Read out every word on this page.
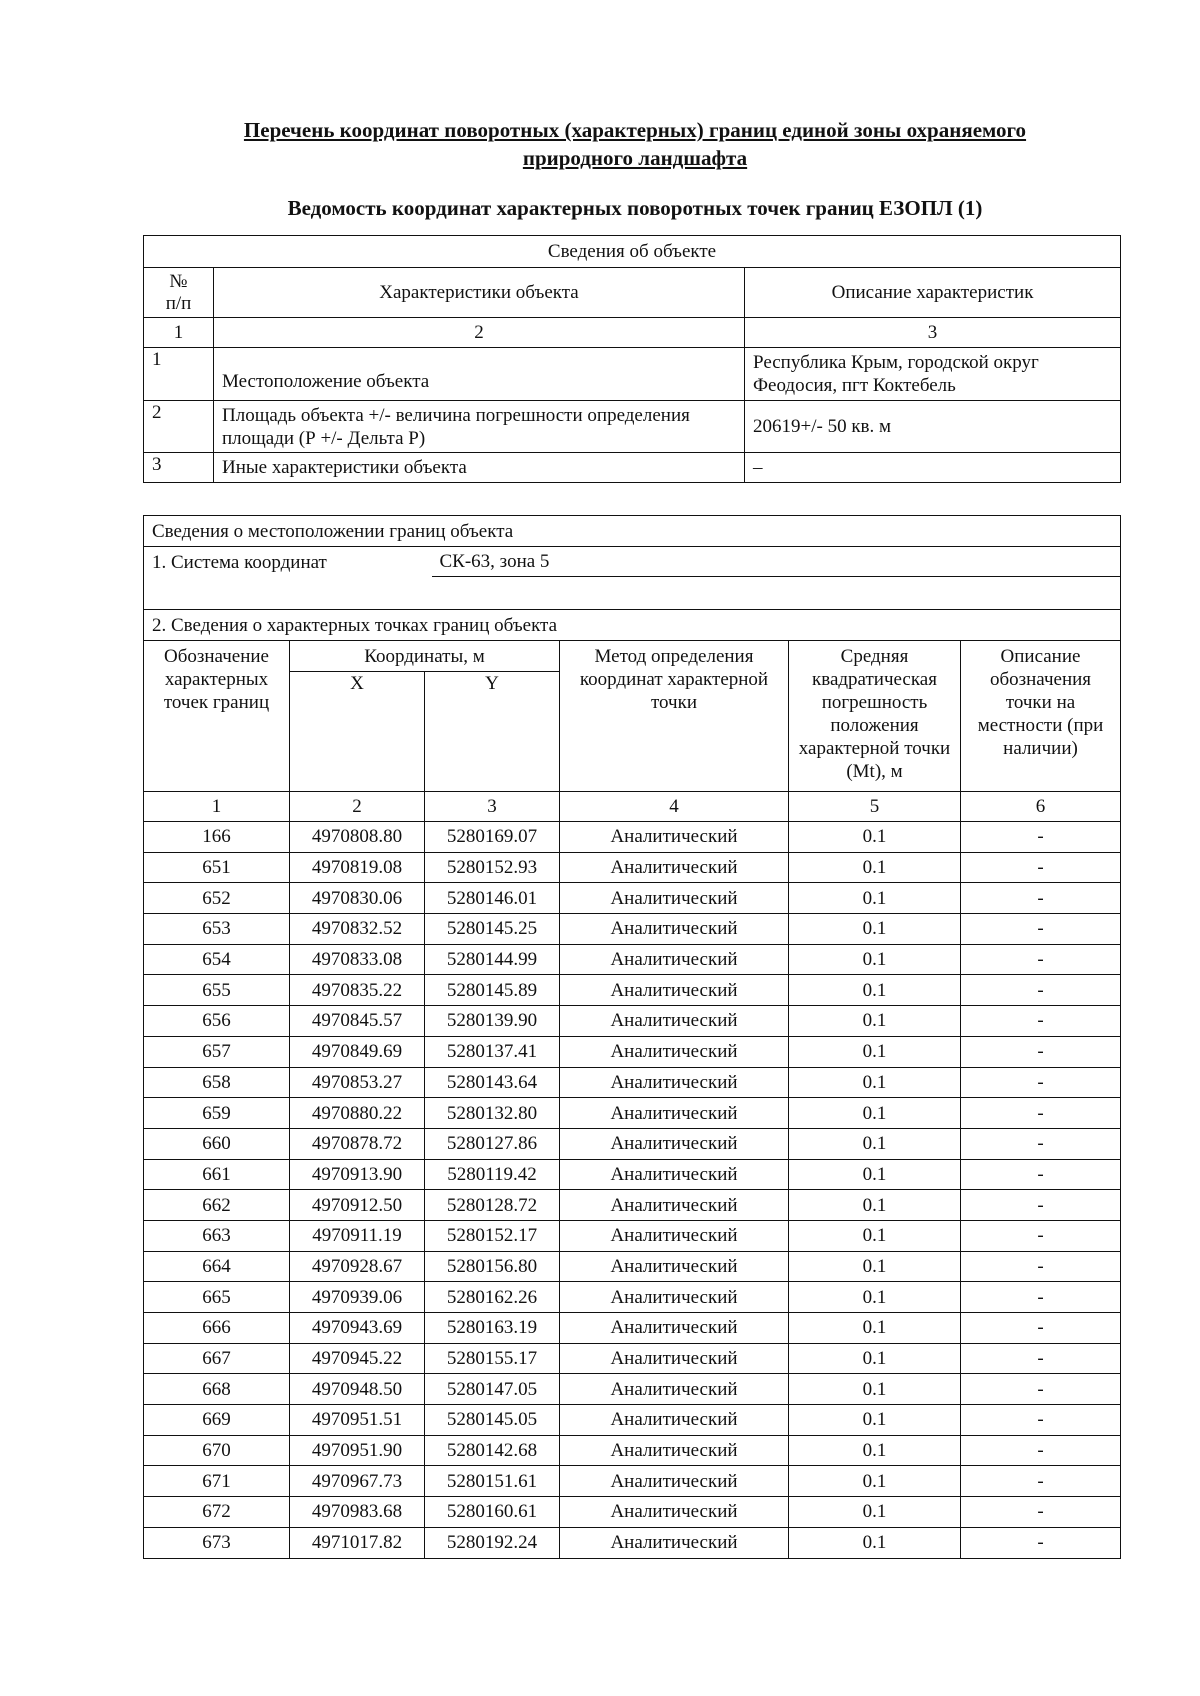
Перечень координат поворотных (характерных) границ единой зоны охраняемого
природного ландшафта
Ведомость координат характерных поворотных точек границ ЕЗОПЛ (1)
Сведения об объекте		
№
п/п	Характеристики объекта	Описание характеристик
1	2	3
1	Местоположение объекта	Республика Крым, городской округ Феодосия, пгт Коктебель
2	Площадь объекта +/- величина погрешности определения площади (Р +/- Дельта Р)	20619+/- 50 кв. м
3	Иные характеристики объекта	–
Сведения о местоположении границ объекта					
1. Система координат			СК-63, зона 5		

2. Сведения о характерных точках границ объекта					
Обозначение характерных точек границ	Координаты, м		Метод определения координат характерной точки	Средняя квадратическая погрешность положения характерной точки (Mt), м	Описание обозначения точки на местности (при наличии)
	X	Y			
1	2	3	4	5	6
166	4970808.80	5280169.07	Аналитический	0.1	-
651	4970819.08	5280152.93	Аналитический	0.1	-
652	4970830.06	5280146.01	Аналитический	0.1	-
653	4970832.52	5280145.25	Аналитический	0.1	-
654	4970833.08	5280144.99	Аналитический	0.1	-
655	4970835.22	5280145.89	Аналитический	0.1	-
656	4970845.57	5280139.90	Аналитический	0.1	-
657	4970849.69	5280137.41	Аналитический	0.1	-
658	4970853.27	5280143.64	Аналитический	0.1	-
659	4970880.22	5280132.80	Аналитический	0.1	-
660	4970878.72	5280127.86	Аналитический	0.1	-
661	4970913.90	5280119.42	Аналитический	0.1	-
662	4970912.50	5280128.72	Аналитический	0.1	-
663	4970911.19	5280152.17	Аналитический	0.1	-
664	4970928.67	5280156.80	Аналитический	0.1	-
665	4970939.06	5280162.26	Аналитический	0.1	-
666	4970943.69	5280163.19	Аналитический	0.1	-
667	4970945.22	5280155.17	Аналитический	0.1	-
668	4970948.50	5280147.05	Аналитический	0.1	-
669	4970951.51	5280145.05	Аналитический	0.1	-
670	4970951.90	5280142.68	Аналитический	0.1	-
671	4970967.73	5280151.61	Аналитический	0.1	-
672	4970983.68	5280160.61	Аналитический	0.1	-
673	4971017.82	5280192.24	Аналитический	0.1	-
